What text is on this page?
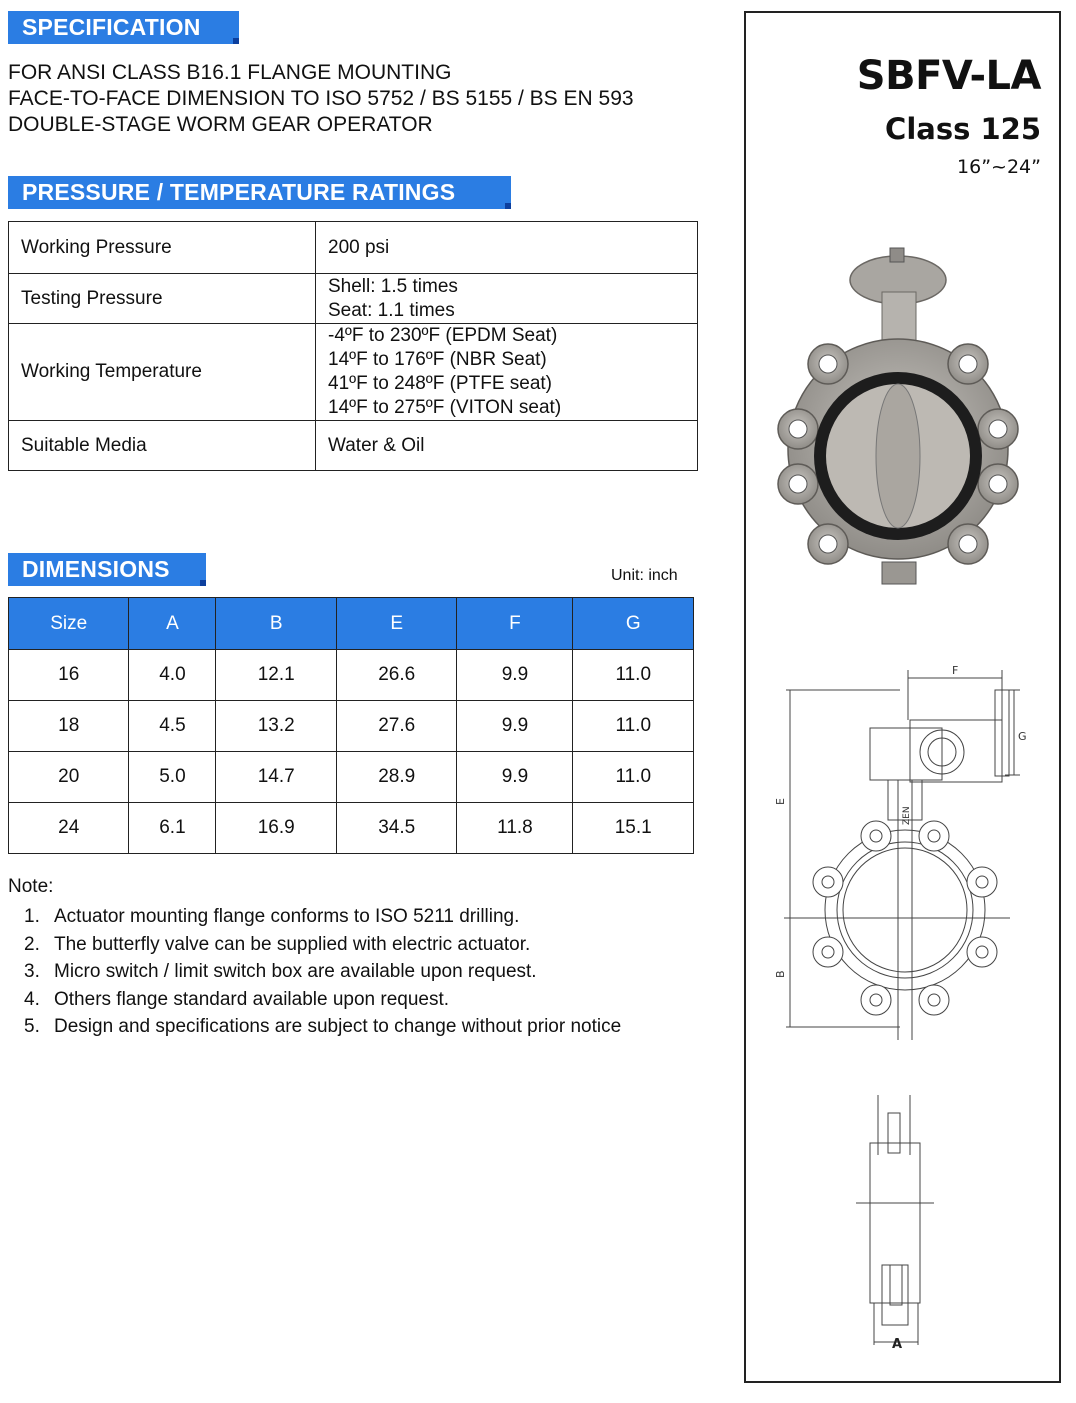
SPECIFICATION
FOR ANSI CLASS B16.1 FLANGE MOUNTING
FACE-TO-FACE DIMENSION TO ISO 5752 / BS 5155 / BS EN 593
DOUBLE-STAGE WORM GEAR OPERATOR
PRESSURE / TEMPERATURE RATINGS
Working Pressure	200 psi

Testing Pressure	Shell: 1.5 times
Seat: 1.1 times

Working Temperature	-4ºF to 230ºF (EPDM Seat)
14ºF to 176ºF (NBR Seat)
41ºF to 248ºF (PTFE seat)
14ºF to 275ºF (VITON seat)

Suitable Media	Water & Oil
DIMENSIONS	Unit: inch
Size	A	B	E	F	G
16	4.0	12.1	26.6	9.9	11.0
18	4.5	13.2	27.6	9.9	11.0
20	5.0	14.7	28.9	9.9	11.0
24	6.1	16.9	34.5	11.8	15.1
Note:
1. Actuator mounting flange conforms to ISO 5211 drilling.
2. The butterfly valve can be supplied with electric actuator.
3. Micro switch / limit switch box are available upon request.
4. Others flange standard available upon request.
5. Design and specifications are subject to change without prior notice
SBFV-LA
Class 125
16”~24”
F
G
E
B
ZEN
A
